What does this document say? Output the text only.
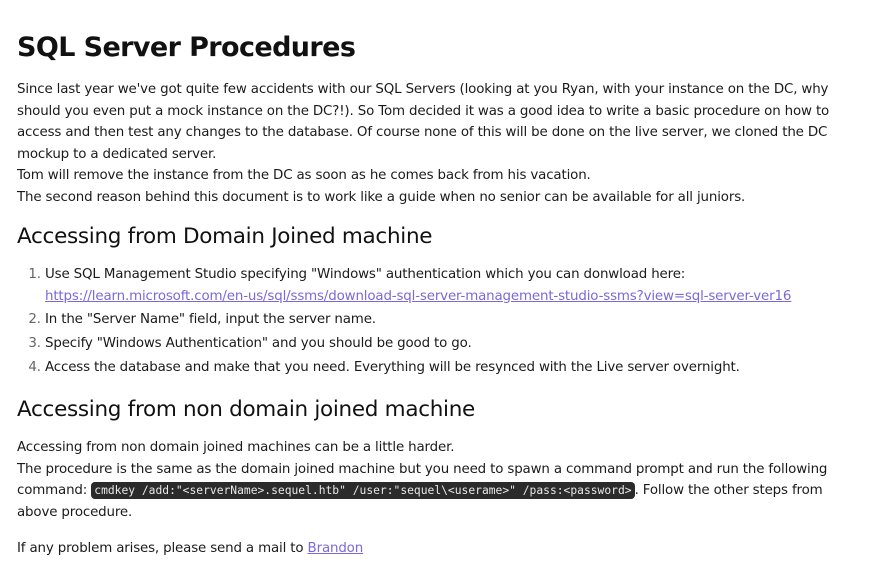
SQL Server Procedures

Since last year we've got quite few accidents with our SQL Servers (looking at you Ryan, with your instance on the DC, why should you even put a mock instance on the DC?!). So Tom decided it was a good idea to write a basic procedure on how to access and then test any changes to the database. Of course none of this will be done on the live server, we cloned the DC mockup to a dedicated server.
Tom will remove the instance from the DC as soon as he comes back from his vacation.
The second reason behind this document is to work like a guide when no senior can be available for all juniors.

Accessing from Domain Joined machine
1. Use SQL Management Studio specifying "Windows" authentication which you can donwload here:
https://learn.microsoft.com/en-us/sql/ssms/download-sql-server-management-studio-ssms?view=sql-server-ver16
2. In the "Server Name" field, input the server name.
3. Specify "Windows Authentication" and you should be good to go.
4. Access the database and make that you need. Everything will be resynced with the Live server overnight.
Accessing from non domain joined machine

Accessing from non domain joined machines can be a little harder.
The procedure is the same as the domain joined machine but you need to spawn a command prompt and run the following command: cmdkey /add:"<serverName>.sequel.htb" /user:"sequel\<userame>" /pass:<password> . Follow the other steps from above procedure.

If any problem arises, please send a mail to Brandon
